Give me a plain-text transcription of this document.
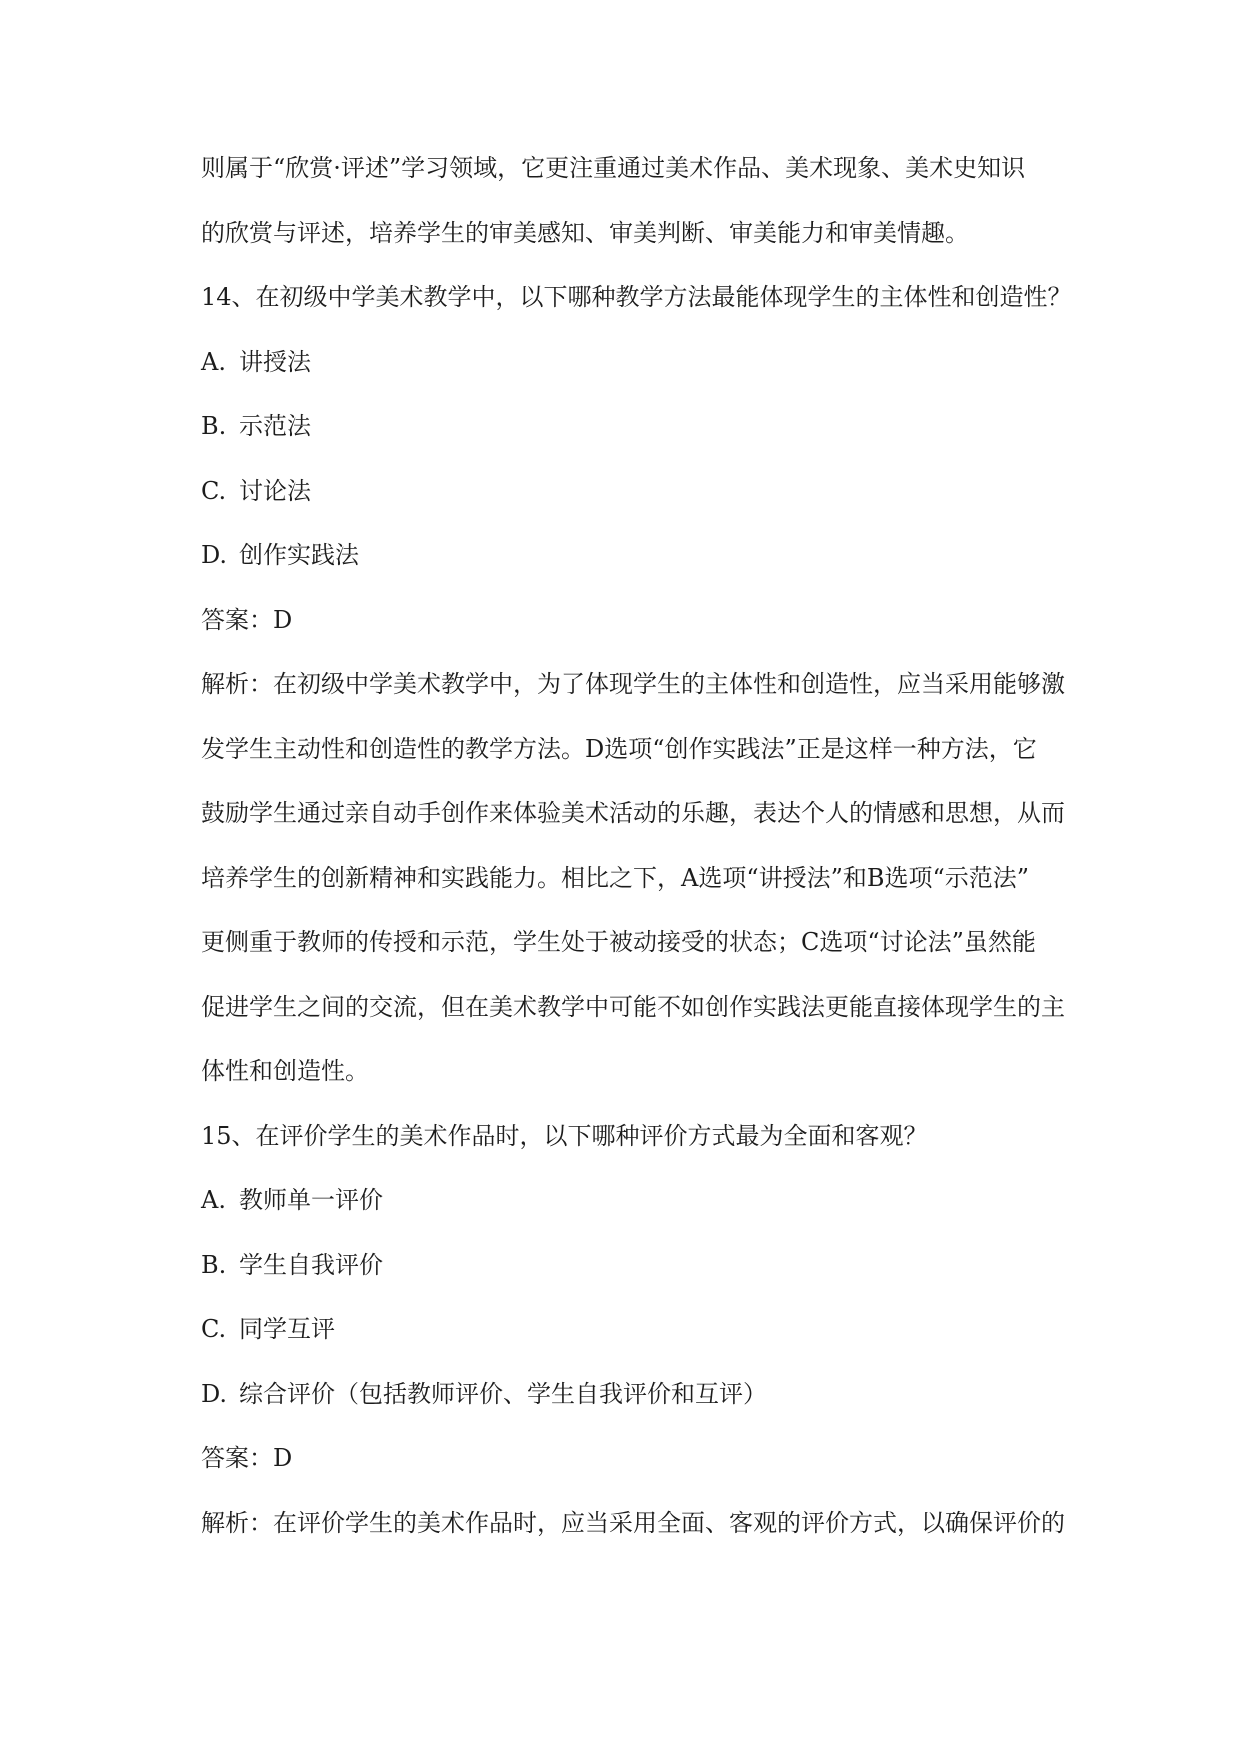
则属于“欣赏·评述”学习领域，它更注重通过美术作品、美术现象、美术史知识
的欣赏与评述，培养学生的审美感知、审美判断、审美能力和审美情趣。
14、在初级中学美术教学中，以下哪种教学方法最能体现学生的主体性和创造性？
A. 讲授法
B. 示范法
C. 讨论法
D. 创作实践法
答案：D
解析：在初级中学美术教学中，为了体现学生的主体性和创造性，应当采用能够激
发学生主动性和创造性的教学方法。D选项“创作实践法”正是这样一种方法，它
鼓励学生通过亲自动手创作来体验美术活动的乐趣，表达个人的情感和思想，从而
培养学生的创新精神和实践能力。相比之下，A选项“讲授法”和B选项“示范法”
更侧重于教师的传授和示范，学生处于被动接受的状态；C选项“讨论法”虽然能
促进学生之间的交流，但在美术教学中可能不如创作实践法更能直接体现学生的主
体性和创造性。
15、在评价学生的美术作品时，以下哪种评价方式最为全面和客观？
A. 教师单一评价
B. 学生自我评价
C. 同学互评
D. 综合评价（包括教师评价、学生自我评价和互评）
答案：D
解析：在评价学生的美术作品时，应当采用全面、客观的评价方式，以确保评价的
